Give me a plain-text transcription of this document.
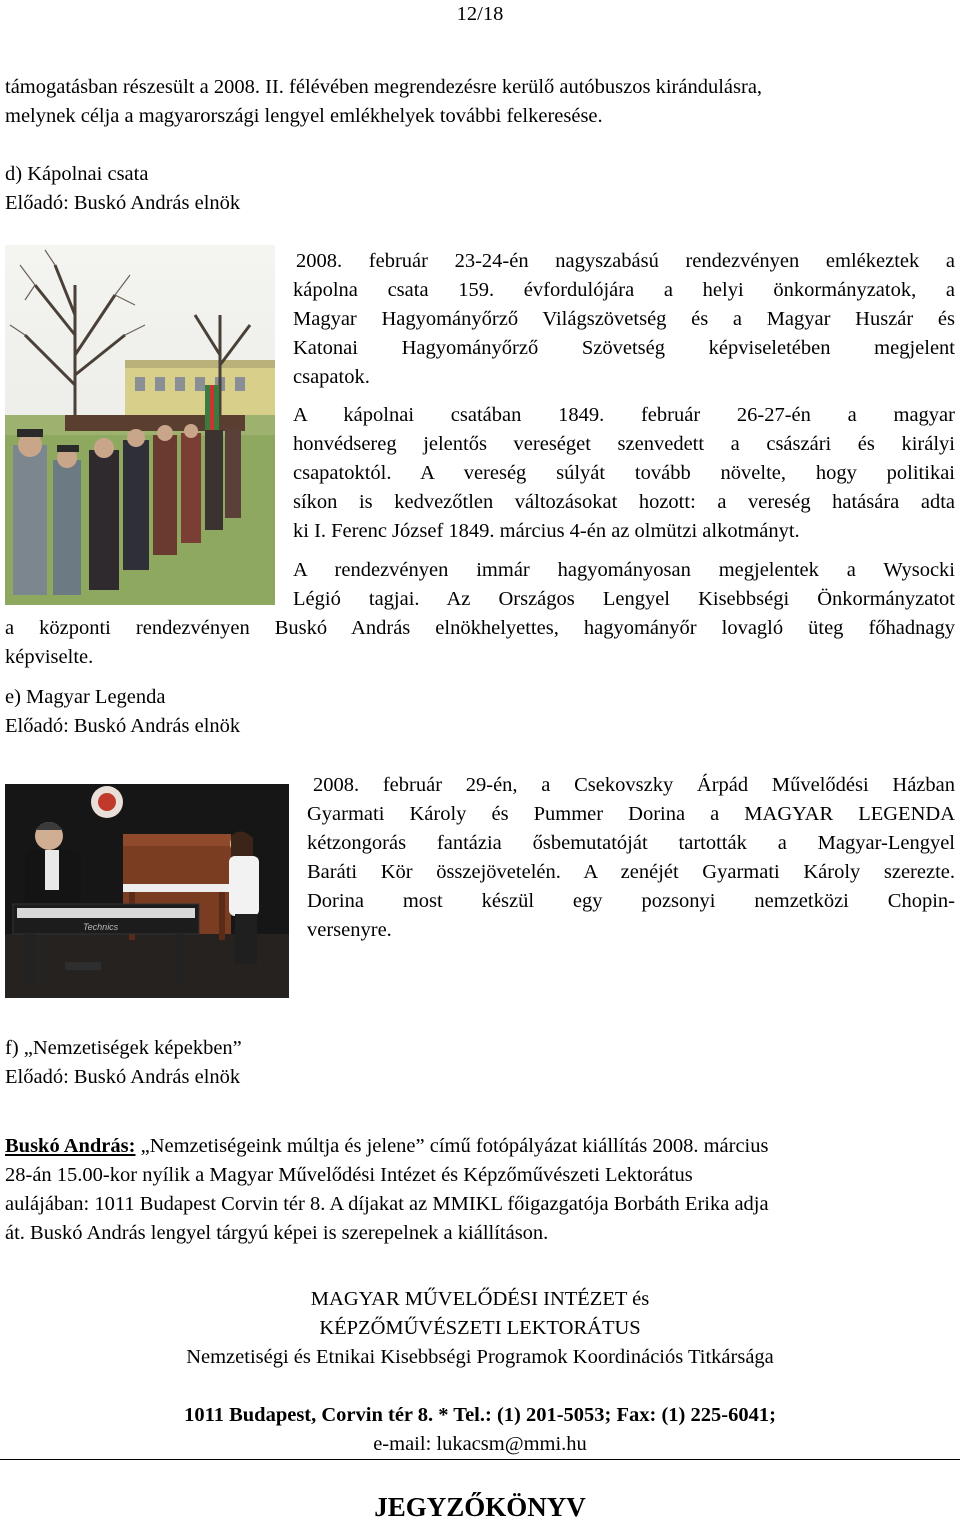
12/18
támogatásban részesült a 2008. II. félévében megrendezésre kerülő autóbuszos kirándulásra,
melynek célja a magyarországi lengyel emlékhelyek további felkeresése.
d) Kápolnai csata
Előadó: Buskó András elnök
2008. február 23-24-én nagyszabású rendezvényen emlékeztek a
kápolna csata 159. évfordulójára a helyi önkormányzatok, a
Magyar Hagyományőrző Világszövetség és a Magyar Huszár és
Katonai Hagyományőrző Szövetség képviseletében megjelent
csapatok.
A kápolnai csatában 1849. február 26-27-én a magyar
honvédsereg jelentős vereséget szenvedett a császári és királyi
csapatoktól. A vereség súlyát tovább növelte, hogy politikai
síkon is kedvezőtlen változásokat hozott: a vereség hatására adta
ki I. Ferenc József 1849. március 4-én az olmützi alkotmányt.
A rendezvényen immár hagyományosan megjelentek a Wysocki
Légió tagjai. Az Országos Lengyel Kisebbségi Önkormányzatot
a központi rendezvényen Buskó András elnökhelyettes, hagyományőr lovagló üteg főhadnagy
képviselte.
e) Magyar Legenda
Előadó: Buskó András elnök
Technics
2008. február 29-én, a Csekovszky Árpád Művelődési Házban
Gyarmati Károly és Pummer Dorina a MAGYAR LEGENDA
kétzongorás fantázia ősbemutatóját tartották a Magyar-Lengyel
Baráti Kör összejövetelén. A zenéjét Gyarmati Károly szerezte.
Dorina most készül egy pozsonyi nemzetközi Chopin-
versenyre.
f) „Nemzetiségek képekben”
Előadó: Buskó András elnök
Buskó András: „Nemzetiségeink múltja és jelene” című fotópályázat kiállítás 2008. március
28-án 15.00-kor nyílik a Magyar Művelődési Intézet és Képzőművészeti Lektorátus
aulájában: 1011 Budapest Corvin tér 8. A díjakat az MMIKL főigazgatója Borbáth Erika adja
át. Buskó András lengyel tárgyú képei is szerepelnek a kiállításon.
MAGYAR MŰVELŐDÉSI INTÉZET és
KÉPZŐMŰVÉSZETI LEKTORÁTUS
Nemzetiségi és Etnikai Kisebbségi Programok Koordinációs Titkársága
1011 Budapest, Corvin tér 8. * Tel.: (1) 201-5053; Fax: (1) 225-6041;
e-mail: lukacsm@mmi.hu
JEGYZŐKÖNYV
